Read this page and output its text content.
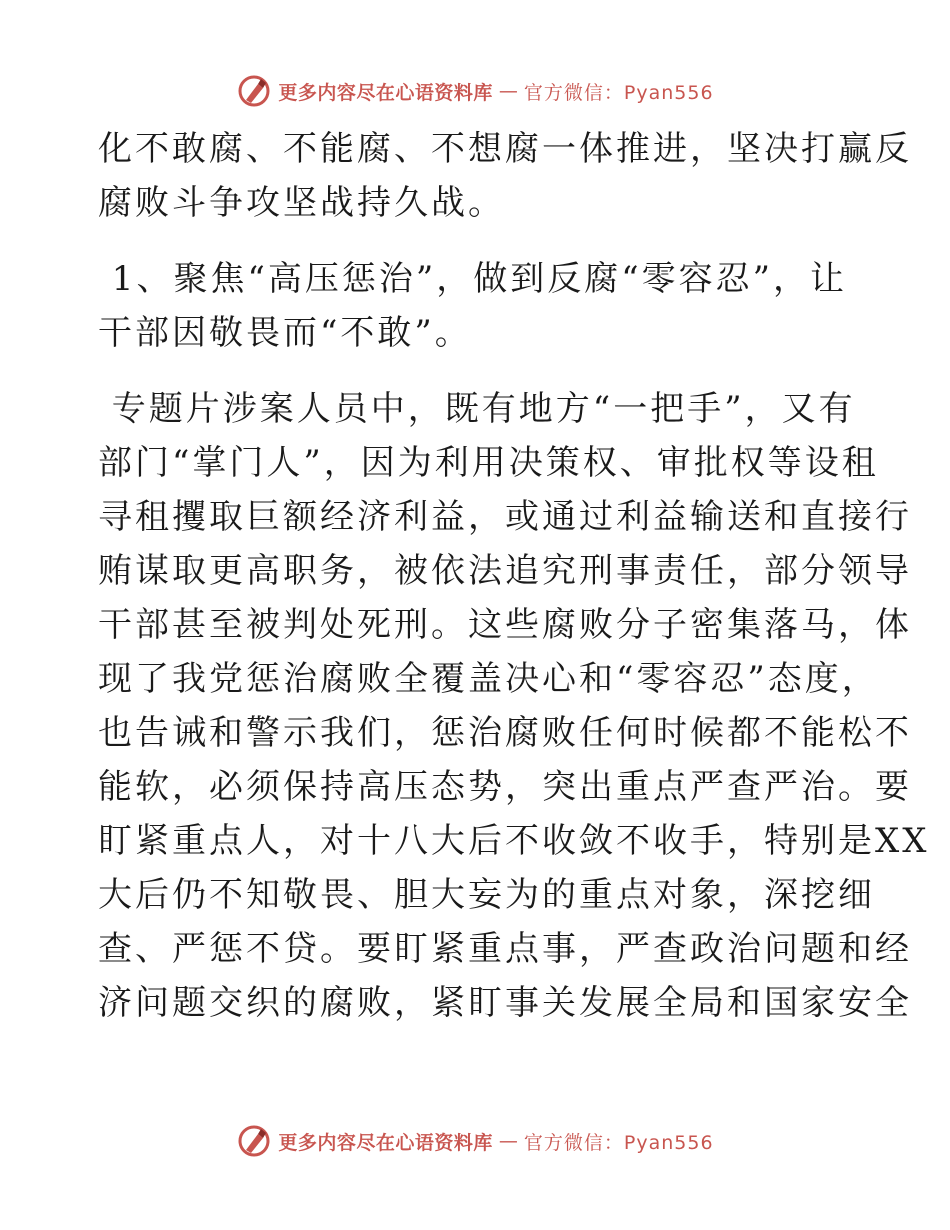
更多内容尽在心语资料库 — 官方微信：Pyan556
化不敢腐、不能腐、不想腐一体推进，坚决打赢反
腐败斗争攻坚战持久战。
1、聚焦“高压惩治”，做到反腐“零容忍”，让
干部因敬畏而“不敢”。
专题片涉案人员中，既有地方“一把手”，又有
部门“掌门人”，因为利用决策权、审批权等设租
寻租攫取巨额经济利益，或通过利益输送和直接行
贿谋取更高职务，被依法追究刑事责任，部分领导
干部甚至被判处死刑。这些腐败分子密集落马，体
现了我党惩治腐败全覆盖决心和“零容忍”态度，
也告诫和警示我们，惩治腐败任何时候都不能松不
能软，必须保持高压态势，突出重点严查严治。要
盯紧重点人，对十八大后不收敛不收手，特别是XX
大后仍不知敬畏、胆大妄为的重点对象，深挖细
查、严惩不贷。要盯紧重点事，严查政治问题和经
济问题交织的腐败，紧盯事关发展全局和国家安全
更多内容尽在心语资料库 — 官方微信：Pyan556
